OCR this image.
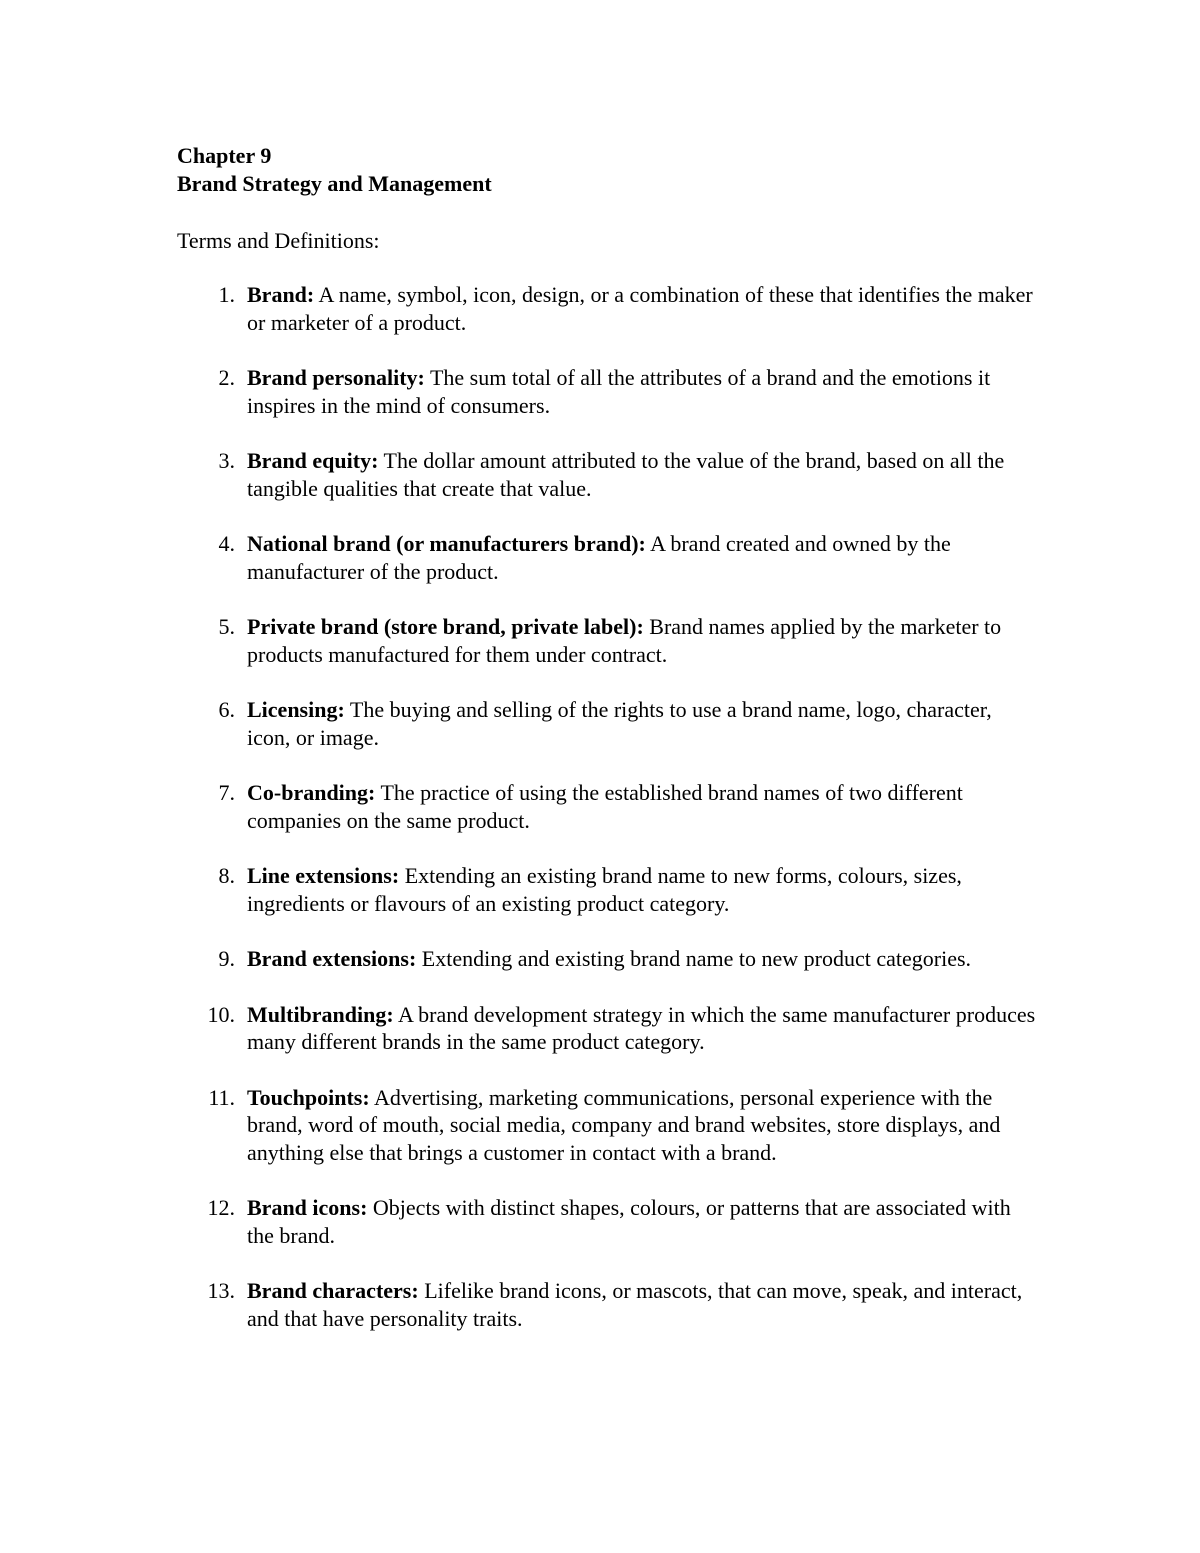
Chapter 9
Brand Strategy and Management
Terms and Definitions:
1. Brand: A name, symbol, icon, design, or a combination of these that identifies the maker or marketer of a product.
2. Brand personality: The sum total of all the attributes of a brand and the emotions it inspires in the mind of consumers.
3. Brand equity: The dollar amount attributed to the value of the brand, based on all the tangible qualities that create that value.
4. National brand (or manufacturers brand): A brand created and owned by the manufacturer of the product.
5. Private brand (store brand, private label): Brand names applied by the marketer to products manufactured for them under contract.
6. Licensing: The buying and selling of the rights to use a brand name, logo, character, icon, or image.
7. Co-branding: The practice of using the established brand names of two different companies on the same product.
8. Line extensions: Extending an existing brand name to new forms, colours, sizes, ingredients or flavours of an existing product category.
9. Brand extensions: Extending and existing brand name to new product categories.
10. Multibranding: A brand development strategy in which the same manufacturer produces many different brands in the same product category.
11. Touchpoints: Advertising, marketing communications, personal experience with the brand, word of mouth, social media, company and brand websites, store displays, and anything else that brings a customer in contact with a brand.
12. Brand icons: Objects with distinct shapes, colours, or patterns that are associated with the brand.
13. Brand characters: Lifelike brand icons, or mascots, that can move, speak, and interact, and that have personality traits.
